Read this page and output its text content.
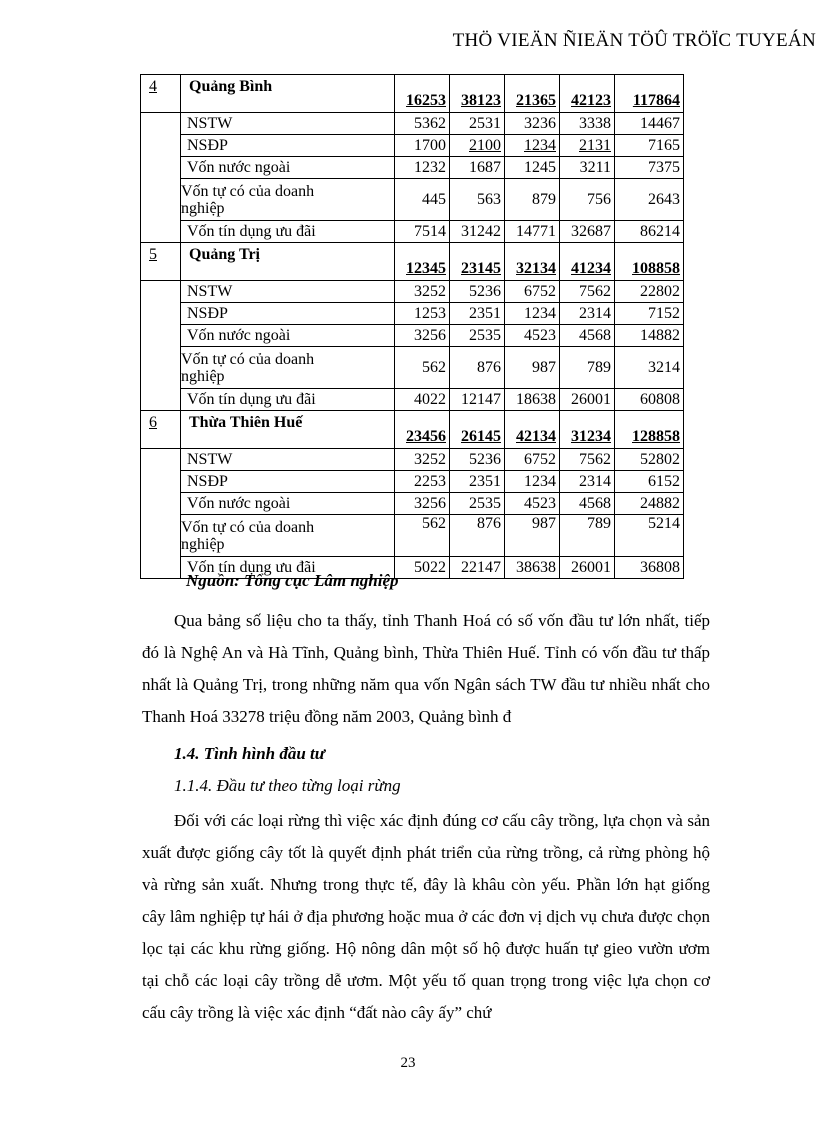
THÖ VIEÄN ÑIEÄN TÖÛ TRÖÏC TUYEÁN
4	Quảng Bình	16253	38123	21365	42123	117864
	NSTW	5362	2531	3236	3338	14467
	NSĐP	1700	2100	1234	2131	7165
	Vốn nước ngoài	1232	1687	1245	3211	7375
	Vốn tự có của doanh
nghiệp	445	563	879	756	2643
	Vốn tín dụng ưu đãi	7514	31242	14771	32687	86214
5	Quảng Trị	12345	23145	32134	41234	108858
	NSTW	3252	5236	6752	7562	22802
	NSĐP	1253	2351	1234	2314	7152
	Vốn nước ngoài	3256	2535	4523	4568	14882
	Vốn tự có của doanh
nghiệp	562	876	987	789	3214
	Vốn tín dụng ưu đãi	4022	12147	18638	26001	60808
6	Thừa Thiên Huế	23456	26145	42134	31234	128858
	NSTW	3252	5236	6752	7562	52802
	NSĐP	2253	2351	1234	2314	6152
	Vốn nước ngoài	3256	2535	4523	4568	24882
	Vốn tự có của doanh
nghiệp	562	876	987	789	5214
	Vốn tín dụng ưu đãi	5022	22147	38638	26001	36808
Nguồn: Tổng cục Lâm nghiệp

Qua bảng số liệu cho ta thấy, tỉnh Thanh Hoá có số vốn đầu tư lớn nhất, tiếp đó là Nghệ An và Hà Tĩnh, Quảng bình, Thừa Thiên Huế. Tỉnh có vốn đầu tư thấp nhất là Quảng Trị, trong những năm qua vốn Ngân sách TW đầu tư nhiều nhất cho Thanh Hoá 33278 triệu đồng năm 2003, Quảng bình đ

1.4. Tình hình đầu tư
1.1.4. Đầu tư theo từng loại rừng

Đối với các loại rừng thì việc xác định đúng cơ cấu cây trồng, lựa chọn và sản xuất được giống cây tốt là quyết định phát triển của rừng trồng, cả rừng phòng hộ và rừng sản xuất. Nhưng trong thực tế, đây là khâu còn yếu. Phần lớn hạt giống cây lâm nghiệp tự hái ở địa phương hoặc mua ở các đơn vị dịch vụ chưa được chọn lọc tại các khu rừng giống. Hộ nông dân một số hộ được huấn tự gieo vườn ươm tại chỗ các loại cây trồng dễ ươm. Một yếu tố quan trọng trong việc lựa chọn cơ cấu cây trồng là việc xác định “đất nào cây ấy” chứ

23
